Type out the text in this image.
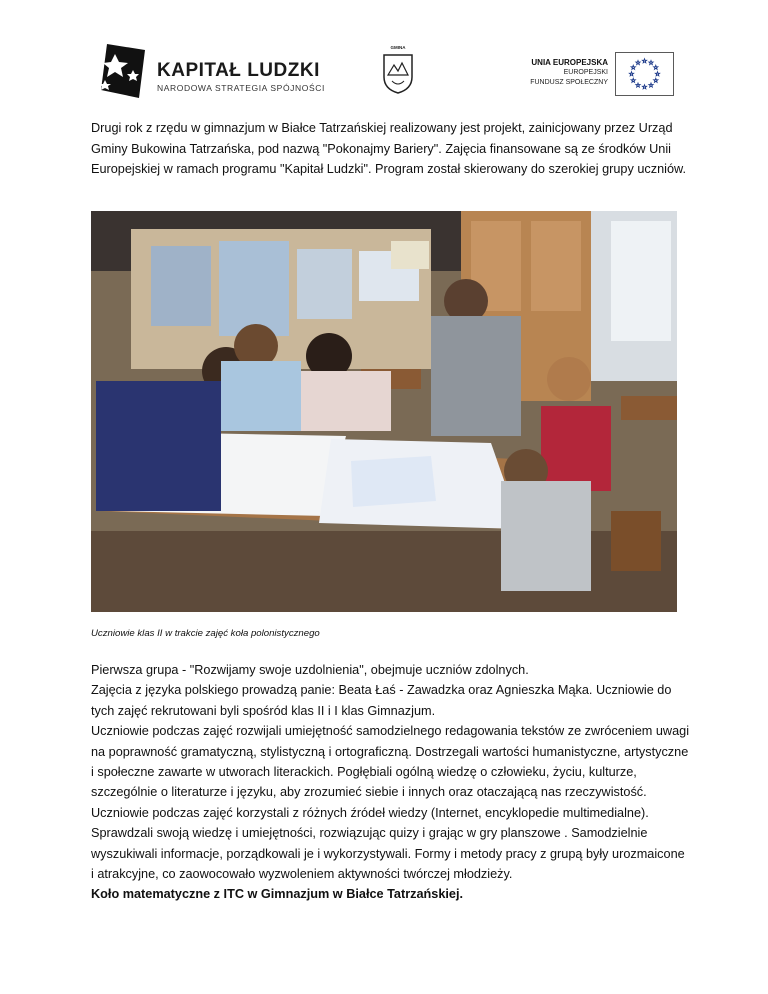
KAPITAŁ LUDZKI
NARODOWA STRATEGIA SPÓJNOŚCI
GMINA
UNIA EUROPEJSKA
EUROPEJSKI
FUNDUSZ SPOŁECZNY
Drugi rok z rzędu w gimnazjum w Białce Tatrzańskiej realizowany jest projekt, zainicjowany przez Urząd Gminy Bukowina Tatrzańska, pod nazwą "Pokonajmy Bariery". Zajęcia finansowane są ze środków Unii Europejskiej w ramach programu "Kapitał Ludzki". Program został skierowany do szerokiej grupy uczniów.
Uczniowie klas II w trakcie zajęć koła polonistycznego

Pierwsza grupa - "Rozwijamy swoje uzdolnienia", obejmuje uczniów zdolnych.

Zajęcia z języka polskiego prowadzą panie: Beata Łaś - Zawadzka oraz Agnieszka Mąka. Uczniowie do tych zajęć rekrutowani byli spośród klas II i I klas Gimnazjum.

Uczniowie podczas zajęć rozwijali umiejętność samodzielnego redagowania tekstów ze zwróceniem uwagi na poprawność gramatyczną, stylistyczną i ortograficzną. Dostrzegali wartości humanistyczne, artystyczne i społeczne zawarte w utworach literackich. Pogłębiali ogólną wiedzę o człowieku, życiu, kulturze, szczególnie o literaturze i języku, aby zrozumieć siebie i innych oraz otaczającą nas rzeczywistość. Uczniowie podczas zajęć korzystali z różnych źródeł wiedzy (Internet, encyklopedie multimedialne). Sprawdzali swoją wiedzę i umiejętności, rozwiązując quizy i grając w gry planszowe . Samodzielnie wyszukiwali informacje, porządkowali je i wykorzystywali. Formy i metody pracy z grupą były urozmaicone i atrakcyjne, co zaowocowało wyzwoleniem aktywności twórczej młodzieży.

Koło matematyczne z ITC w Gimnazjum w Białce Tatrzańskiej.
